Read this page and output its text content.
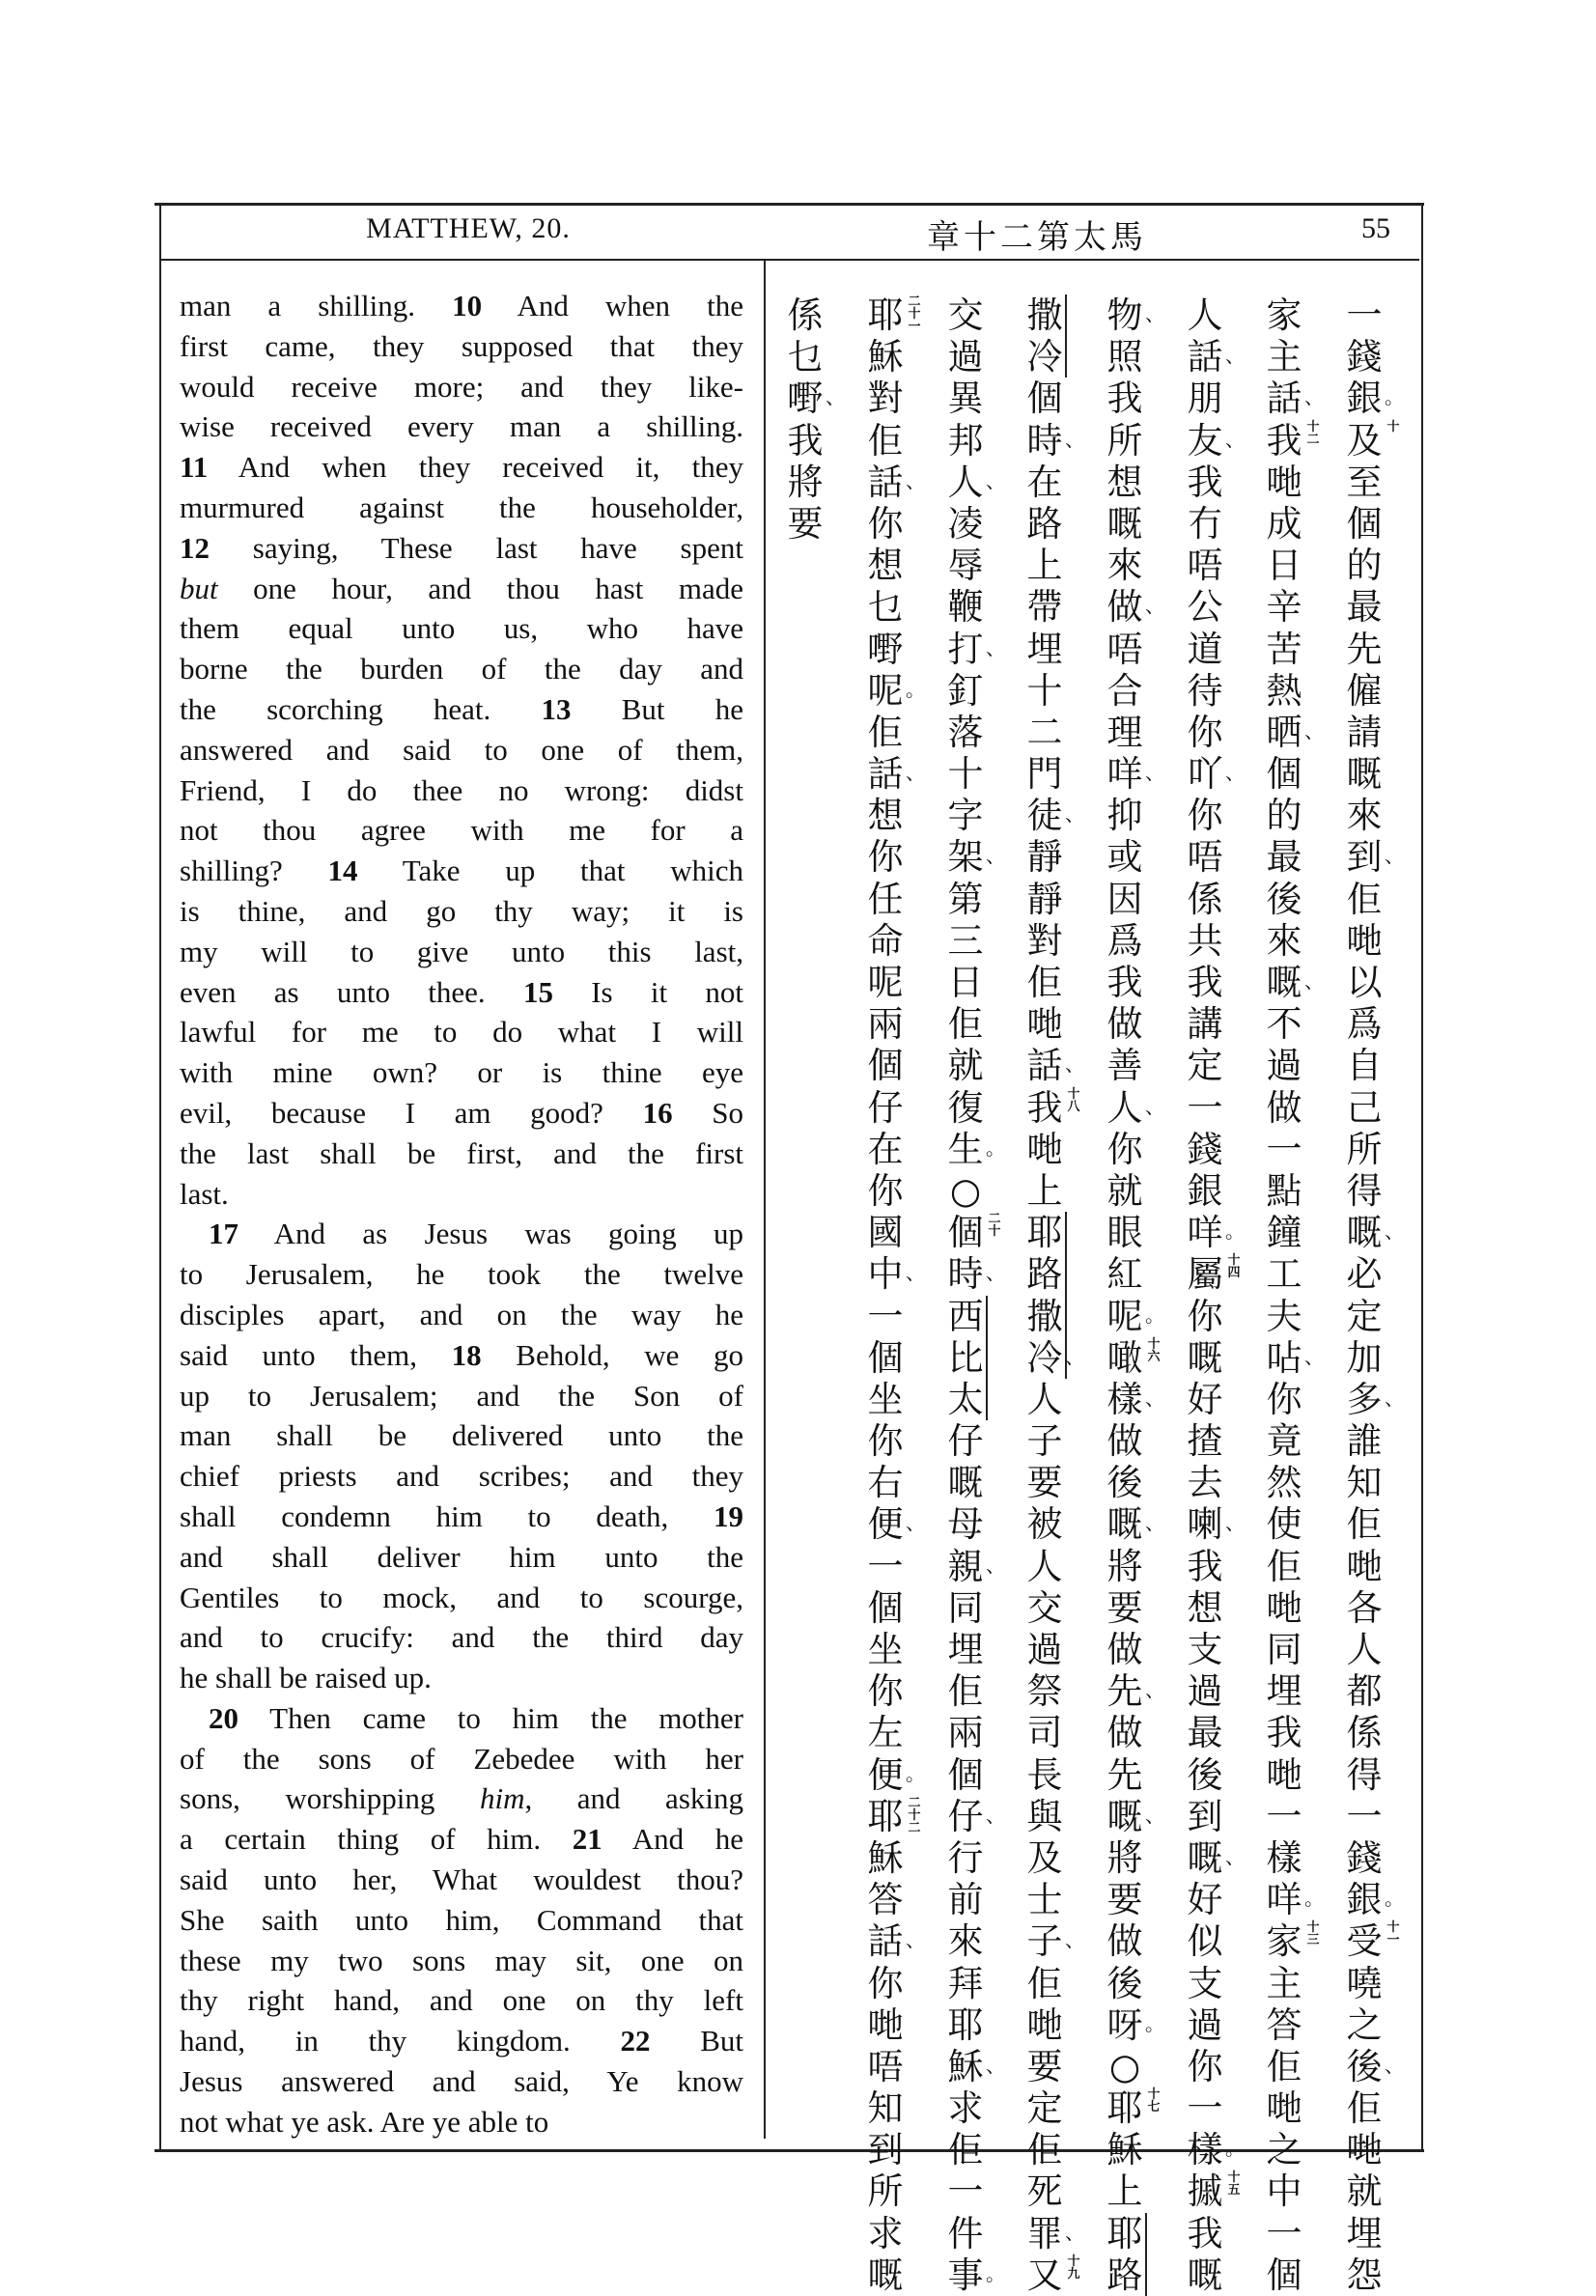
MATTHEW, 20.	馬
太
第
二
十
章	55
man a shilling. 10 And when the
first came, they supposed that they
would receive more; and they like-
wise received every man a shilling.
11 And when they received it, they
murmured against the householder,
12 saying, These last have spent
but one hour, and thou hast made
them equal unto us, who have
borne the burden of the day and
the scorching heat. 13 But he
answered and said to one of them,
Friend, I do thee no wrong: didst
not thou agree with me for a
shilling? 14 Take up that which
is thine, and go thy way; it is
my will to give unto this last,
even as unto thee. 15 Is it not
lawful for me to do what I will
with mine own? or is thine eye
evil, because I am good? 16 So
the last shall be first, and the first
last.
17 And as Jesus was going up
to Jerusalem, he took the twelve
disciples apart, and on the way he
said unto them, 18 Behold, we go
up to Jerusalem; and the Son of
man shall be delivered unto the
chief priests and scribes; and they
shall condemn him to death, 19
and shall deliver him unto the
Gentiles to mock, and to scourge,
and to crucify: and the third day
he shall be raised up.
20 Then came to him the mother
of the sons of Zebedee with her
sons, worshipping him, and asking
a certain thing of him. 21 And he
said unto her, What wouldest thou?
She saith unto him, Command that
these my two sons may sit, one on
thy right hand, and one on thy left
hand, in thy kingdom. 22 But
Jesus answered and said, Ye know
not what ye ask. Are ye able to
一
錢
銀 。
十
及
至
個
的
最
先
僱
請
嘅
來
到 、
佢
哋
以
爲
自
己
所
得
嘅 、
必
定
加
多 、
誰
知
佢
哋
各
人
都
係
得
一
錢
銀 。
十一
受
嘵
之
後 、
佢
哋
就
埋
怨
家
主
話 、
十二
我
哋
成
日
辛
苦
熱
晒 、
個
的
最
後
來
嘅 、
不
過
做
一
點
鐘
工
夫
呫 、
你
竟
然
使
佢
哋
同
埋
我
哋
一
樣
咩 。
十三
家
主
答
佢
哋
之
中
一
個
人
話 、
朋
友 、
我
冇
唔
公
道
待
你
吖 、
你
唔
係
共
我
講
定
一
錢
銀
咩 。
十四
屬
你
嘅
好
揸
去
喇 、
我
想
支
過
最
後
到
嘅 、
好
似
支
過
你
一
樣 。
十五
摵
我
嘅
物 、
照
我
所
想
嘅
來
做 、
唔
合
理
咩 、
抑
或
因
爲
我
做
善
人 、
你
就
眼
紅
呢 。
十六
噉
樣 、
做
後
嘅 、
將
要
做
先 、
做
先
嘅 、
將
要
做
後
呀 。
○
十七
耶
穌
上
耶
路
撒
冷
個
時 、
在
路
上
帶
埋
十
二
門
徒 、
靜
靜
對
佢
哋
話 、
十八
我
哋
上
耶
路
撒
冷 、
人
子
要
被
人
交
過
祭
司
長
與
及
士
子 、
佢
哋
要
定
佢
死
罪 、
十九
又
交
過
異
邦
人 、
凌
辱
鞭
打 、
釘
落
十
字
架 、
第
三
日
佢
就
復
生 。
○
二十
個
時 、
西
比
太
仔
嘅
母
親 、
同
埋
佢
兩
個
仔 、
行
前
來
拜
耶
穌 、
求
佢
一
件
事 。
二十一
耶
穌
對
佢
話 、
你
想
乜
嘢
呢 。
佢
話 、
想
你
任
命
呢
兩
個
仔
在
你
國
中 、
一
個
坐
你
右
便 、
一
個
坐
你
左
便 。
二十二
耶
穌
答
話 、
你
哋
唔
知
到
所
求
嘅
係
乜
嘢 、
我
將
要
